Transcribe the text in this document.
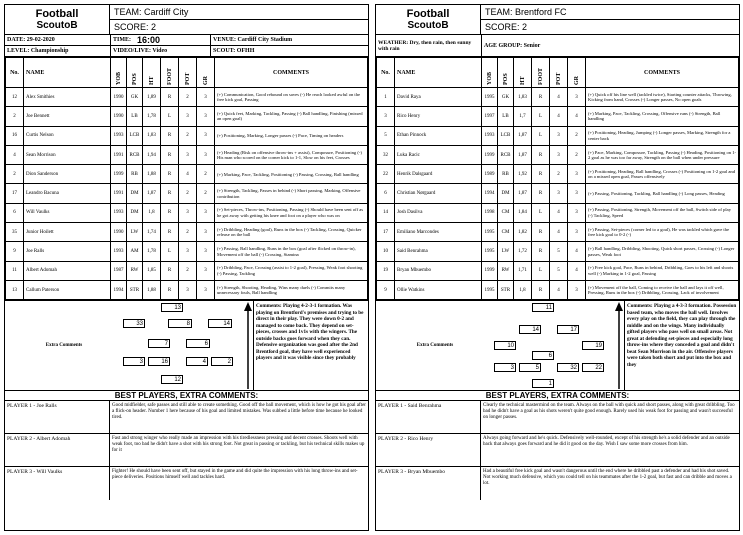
Football
ScoutoB
TEAM: Cardiff City
SCORE: 2
DATE: 29-02-2020	TIME: 16:00	VENUE: Cardiff City Stadium
LEVEL: Championship	VIDEO/LIVE: Video	SCOUT: OFHH
No.	NAME	YOB	POS	HT	FOOT	POT	GR	COMMENTS
12	Alex Smithies	1990	GK	1,89	R	2	3	(+) Communication, Good rebound on saves (-) He reach looked awful on the free kick goal, Passing
2	Joe Bennett	1990	LB	1,78	L	3	3	(+) Quick feet, Marking, Tackling, Passing (-) Ball handling, Finishing (missed an open goal)
16	Curtis Nelson	1993	LCB	1,83	R	2	3	(+) Positioning, Marking, Longer passes (-) Pace, Timing on headers
4	Sean Morrison	1991	RCB	1,94	R	3	3	(+) Heading (Risk on offensive throw-ins + assist), Composure, Positioning (-) His man who scored on the corner kick to 1-1, Slow on his feet, Crosses
2	Dion Sanderson	1999	RB	1,88	R	4	2	(+) Marking, Pace, Tackling, Positioning (-) Passing, Crossing, Ball handling
17	Leandro Bacuna	1991	DM	1,87	R	2	2	(+) Strength, Tackling, Passes in behind (-) Short passing, Marking, Offensive contribution
6	Will Vaulks	1993	DM	1,8	R	3	3	(+) Set-pieces, Throw-ins, Positioning, Passing (-) Should have been sent off as he got away with getting his knee and foot on a player who was on
35	Junior Hoilett	1990	LW	1,74	R	2	3	(+) Dribbling, Heading (goal), Runs in the box (-) Tackling, Crossing, Quicker release on the ball
9	Joe Ralls	1993	AM	1,78	L	3	3	(+) Passing, Ball handling, Runs in the box (goal after flicked on throw-in), Movement off the ball (-) Crossing, Stamina
11	Albert Adomah	1987	RW	1,85	R	2	3	(+) Dribbling, Pace, Crossing (assist to 1-2 goal), Pressing, Weak foot shooting (-) Passing, Tackling
13	Callum Paterson	1994	STR	1,88	R	3	3	(+) Strength, Shooting, Heading, Wins many duels (-) Commits many unnecessary fouls, Ball handling
Extra Comments
13
33	8	14
7	6
3	16	4	2
12
Comments: Playing 4-2-3-1 formation. Was playing on Brentford's premises and trying to be direct in their play. They were down 0-2 and managed to come back. They depend on set-pieces, crosses and 1v1s with the wingers. The outside backs goes forward when they can. Defensive organization was good after the 2nd Brentford goal, they have well experienced players and it was visible since they probably
BEST PLAYERS, EXTRA COMMENTS:
PLAYER 1 - Joe Ralls	Good midfielder, safe passes and still able to create something. Good off the ball movement, which is how he got his goal after a flick-on header. Number 1 here because of his goal and limited mistakes. Was subbed a little before time because he looked tired.
PLAYER 2 - Albert Adomah	Fast and strong winger who really made an impression with his tiredlessness pressing and decent crosses. Shoots well with weak foot, too bad he didn't have a shot with his strong foot. Not great in passing or tackling, but his technical skills makes up for it
PLAYER 3 - Will Vaulks	Fighter! He should have been sent off, but stayed in the game and did quite the impression with his long throw-ins and set-piece deliveries. Positions himself well and tackles hard.
Football
ScoutoB
TEAM: Brentford FC
SCORE: 2
WEATHER: Dry, then rain, then sunny with rain	AGE GROUP: Senior
No.	NAME	YOB	POS	HT	FOOT	POT	GR	COMMENTS
1	David Raya	1995	GK	1,83	R	4	3	(+) Quick off his line well (tackled twice), Starting counter attacks, Throwing, Kicking from hand, Crosses (-) Longer passes, No open goals
3	Rico Henry	1997	LB	1,7	L	4	4	(+) Marking, Pace, Tackling, Crossing, Offensive runs (-) Strength, Ball handling
5	Ethan Pinnock	1993	LCB	1,87	L	3	2	(+) Positioning, Heading, Jumping (-) Longer passes, Marking, Strength for a center back
32	Luka Racic	1999	RCB	1,87	R	3	2	(+) Pace, Marking, Composure, Tackling, Passing (-) Heading, Positioning on 1-2 goal as he was too far away, Strength on the ball when under pressure
22	Henrik Dalsgaard	1989	RB	1,92	R	2	3	(+) Positioning, Heading, Ball handling, Crosses (-) Positioning on 1-2 goal and on a missed open goal, Passes offensively
6	Christian Nørgaard	1994	DM	1,87	R	3	3	(+) Passing, Positioning, Tackling, Ball handling (-) Long passes, Heading
14	Josh Dasilva	1998	CM	1,84	L	4	3	(+) Passing, Positioning, Strength, Movement off the ball, Switch side of play (-) Tackling, Speed
17	Emiliano Marcondes	1995	CM	1,82	R	4	3	(+) Passing, Set-pieces (corner led to a goal), He was tackled which gave the free kick goal to 0-2 (-)
10	Said Benrahma	1995	LW	1,72	R	5	4	(+) Ball handling, Dribbling, Shooting, Quick short passes, Crossing (-) Longer passes, Weak foot
19	Bryan Mbuembo	1999	RW	1,71	L	5	4	(+) Free kick goal, Pace, Runs in behind, Dribbling, Goes to his left and shoots well (-) Marking in 1-2 goal, Passing
9	Ollie Watkins	1995	STR	1,8	R	4	3	(+) Movement off the ball, Coming to receive the ball and lays it off well, Pressing, Runs in the box (-) Dribbling, Crossing, Lack of involvement
Extra Comments
11
14	17
10	19
6
3	5	32	22
1
Comments: Playing a 4-3-3 formation. Possession based team, who moves the ball well. Involves every play on the field, they can play through the middle and on the wings. Many individually gifted players who pass well on small areas. Not great at defending set-pieces and especially long throw-ins where they conceded a goal and didn't beat Sean Morrison in the air. Offensive players were taken both short and put into the box and they
BEST PLAYERS, EXTRA COMMENTS:
PLAYER 1 - Said Benrahma	Clearly the technical mastermind on the team. Always on the ball with quick and short passes, along with great dribbling. Too bad he didn't have a goal as his shots weren't quite good enough. Rarely used his weak foot for passing and wasn't successful on longer passes.
PLAYER 2 - Rico Henry	Always going forward and he's quick. Defensively well-rounded, except of his strength he's a solid defender and an outside back that always goes forward and he did it good on the day. Wish I saw some more crosses from him.
PLAYER 3 - Bryan Mbuembo	Had a beautiful free kick goal and wasn't dangerous until the end where he dribbled past a defender and had his shot saved. Not working much defensive, which you could tell on his teammates after the 1-2 goal, but fast and can dribble and moves a lot.
